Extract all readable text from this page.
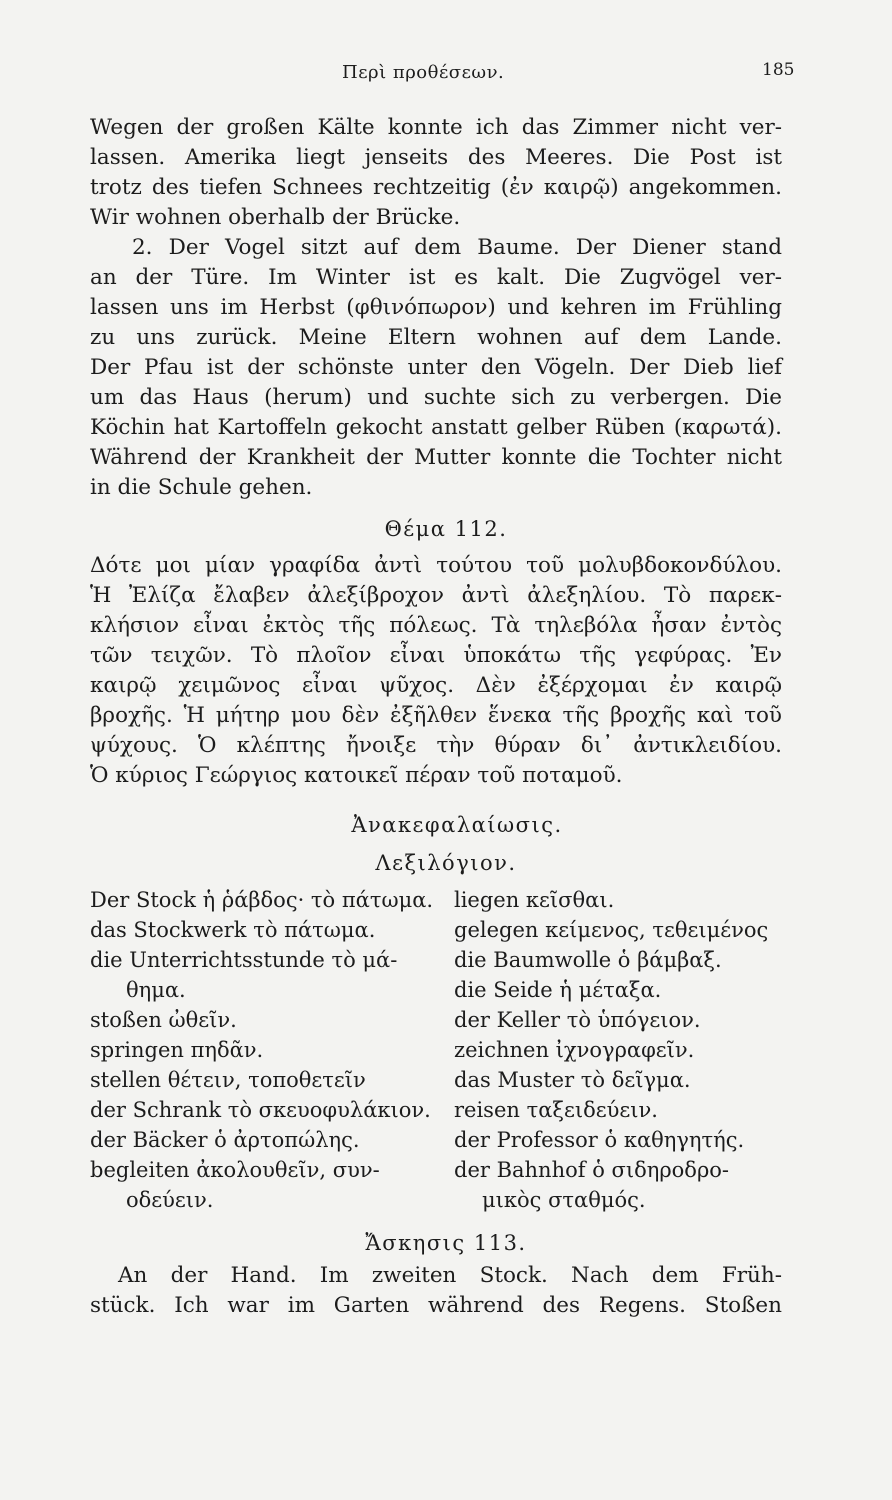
Περὶ προθέσεων.	185
Wegen der großen Kälte konnte ich das Zimmer nicht ver-
lassen. Amerika liegt jenseits des Meeres. Die Post ist
trotz des tiefen Schnees rechtzeitig (ἐν καιρῷ) angekommen.
Wir wohnen oberhalb der Brücke.
2. Der Vogel sitzt auf dem Baume. Der Diener stand
an der Türe. Im Winter ist es kalt. Die Zugvögel ver-
lassen uns im Herbst (φθινόπωρον) und kehren im Frühling
zu uns zurück. Meine Eltern wohnen auf dem Lande.
Der Pfau ist der schönste unter den Vögeln. Der Dieb lief
um das Haus (herum) und suchte sich zu verbergen. Die
Köchin hat Kartoffeln gekocht anstatt gelber Rüben (καρωτά).
Während der Krankheit der Mutter konnte die Tochter nicht
in die Schule gehen.
Θέμα 112.
Δότε μοι μίαν γραφίδα ἀντὶ τούτου τοῦ μολυβδοκονδύλου.
Ἡ Ἐλίζα ἔλαβεν ἀλεξίβροχον ἀντὶ ἀλεξηλίου. Τὸ παρεκ-
κλήσιον εἶναι ἐκτὸς τῆς πόλεως. Τὰ τηλεβόλα ἦσαν ἐντὸς
τῶν τειχῶν. Τὸ πλοῖον εἶναι ὑποκάτω τῆς γεφύρας. Ἐν
καιρῷ χειμῶνος εἶναι ψῦχος. Δὲν ἐξέρχομαι ἐν καιρῷ
βροχῆς. Ἡ μήτηρ μου δὲν ἐξῆλθεν ἕνεκα τῆς βροχῆς καὶ τοῦ
ψύχους. Ὁ κλέπτης ἤνοιξε τὴν θύραν δι᾽ ἀντικλειδίου.
Ὁ κύριος Γεώργιος κατοικεῖ πέραν τοῦ ποταμοῦ.
Ἀνακεφαλαίωσις.
Λεξιλόγιον.
Der Stock ἡ ῥάβδος· τὸ πάτωμα.
das Stockwerk τὸ πάτωμα.
die Unterrichtsstunde τὸ μά-
θημα.
stoßen ὠθεῖν.
springen πηδᾶν.
stellen θέτειν, τοποθετεῖν
der Schrank τὸ σκευοφυλάκιον.
der Bäcker ὁ ἀρτοπώλης.
begleiten ἀκολουθεῖν, συν-
οδεύειν.
liegen κεῖσθαι.
gelegen κείμενος, τεθειμένος
die Baumwolle ὁ βάμβαξ.
die Seide ἡ μέταξα.
der Keller τὸ ὑπόγειον.
zeichnen ἰχνογραφεῖν.
das Muster τὸ δεῖγμα.
reisen ταξειδεύειν.
der Professor ὁ καθηγητής.
der Bahnhof ὁ σιδηροδρο-
μικὸς σταθμός.
Ἄσκησις 113.
An der Hand. Im zweiten Stock. Nach dem Früh-
stück. Ich war im Garten während des Regens. Stoßen
